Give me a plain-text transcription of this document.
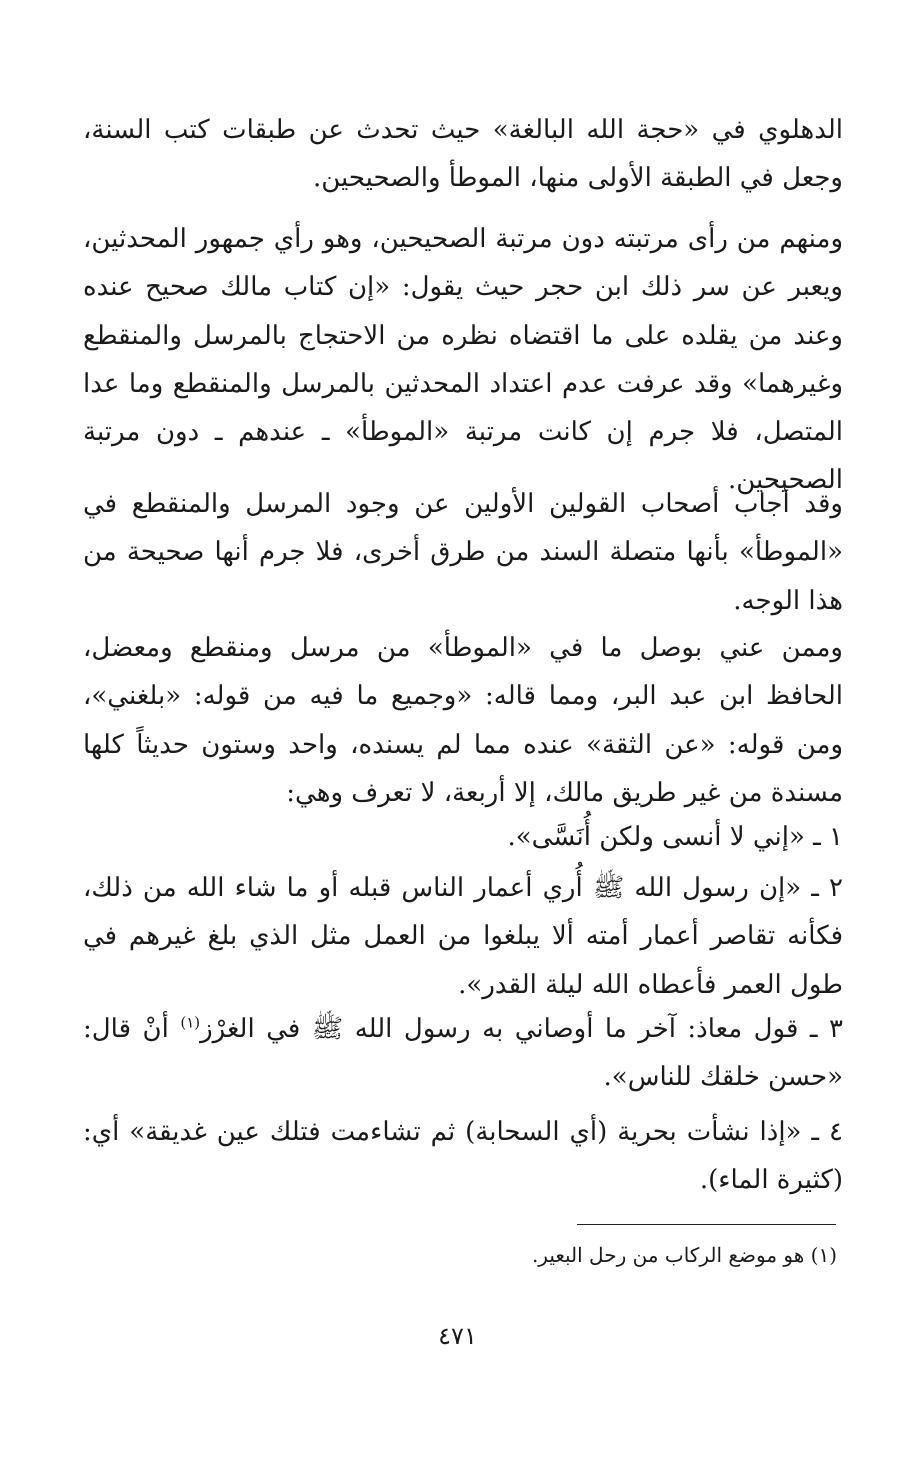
الدهلوي في «حجة الله البالغة» حيث تحدث عن طبقات كتب السنة، وجعل في الطبقة الأولى منها، الموطأ والصحيحين.

ومنهم من رأى مرتبته دون مرتبة الصحيحين، وهو رأي جمهور المحدثين، ويعبر عن سر ذلك ابن حجر حيث يقول: «إن كتاب مالك صحيح عنده وعند من يقلده على ما اقتضاه نظره من الاحتجاج بالمرسل والمنقطع وغيرهما» وقد عرفت عدم اعتداد المحدثين بالمرسل والمنقطع وما عدا المتصل، فلا جرم إن كانت مرتبة «الموطأ» ـ عندهم ـ دون مرتبة الصحيحين.

وقد أجاب أصحاب القولين الأولين عن وجود المرسل والمنقطع في «الموطأ» بأنها متصلة السند من طرق أخرى، فلا جرم أنها صحيحة من هذا الوجه.

وممن عني بوصل ما في «الموطأ» من مرسل ومنقطع ومعضل، الحافظ ابن عبد البر، ومما قاله: «وجميع ما فيه من قوله: «بلغني»، ومن قوله: «عن الثقة» عنده مما لم يسنده، واحد وستون حديثاً كلها مسندة من غير طريق مالك، إلا أربعة، لا تعرف وهي:

١ ـ «إني لا أنسى ولكن أُنَسَّى».

٢ ـ «إن رسول الله ﷺ أُري أعمار الناس قبله أو ما شاء الله من ذلك، فكأنه تقاصر أعمار أمته ألا يبلغوا من العمل مثل الذي بلغ غيرهم في طول العمر فأعطاه الله ليلة القدر».

٣ ـ قول معاذ: آخر ما أوصاني به رسول الله ﷺ في الغرْز$^{(١)}$ أنْ قال: «حسن خلقك للناس».

٤ ـ «إذا نشأت بحرية (أي السحابة) ثم تشاءمت فتلك عين غديقة» أي: (كثيرة الماء).

(١) هو موضع الركاب من رحل البعير.
٤٧١
